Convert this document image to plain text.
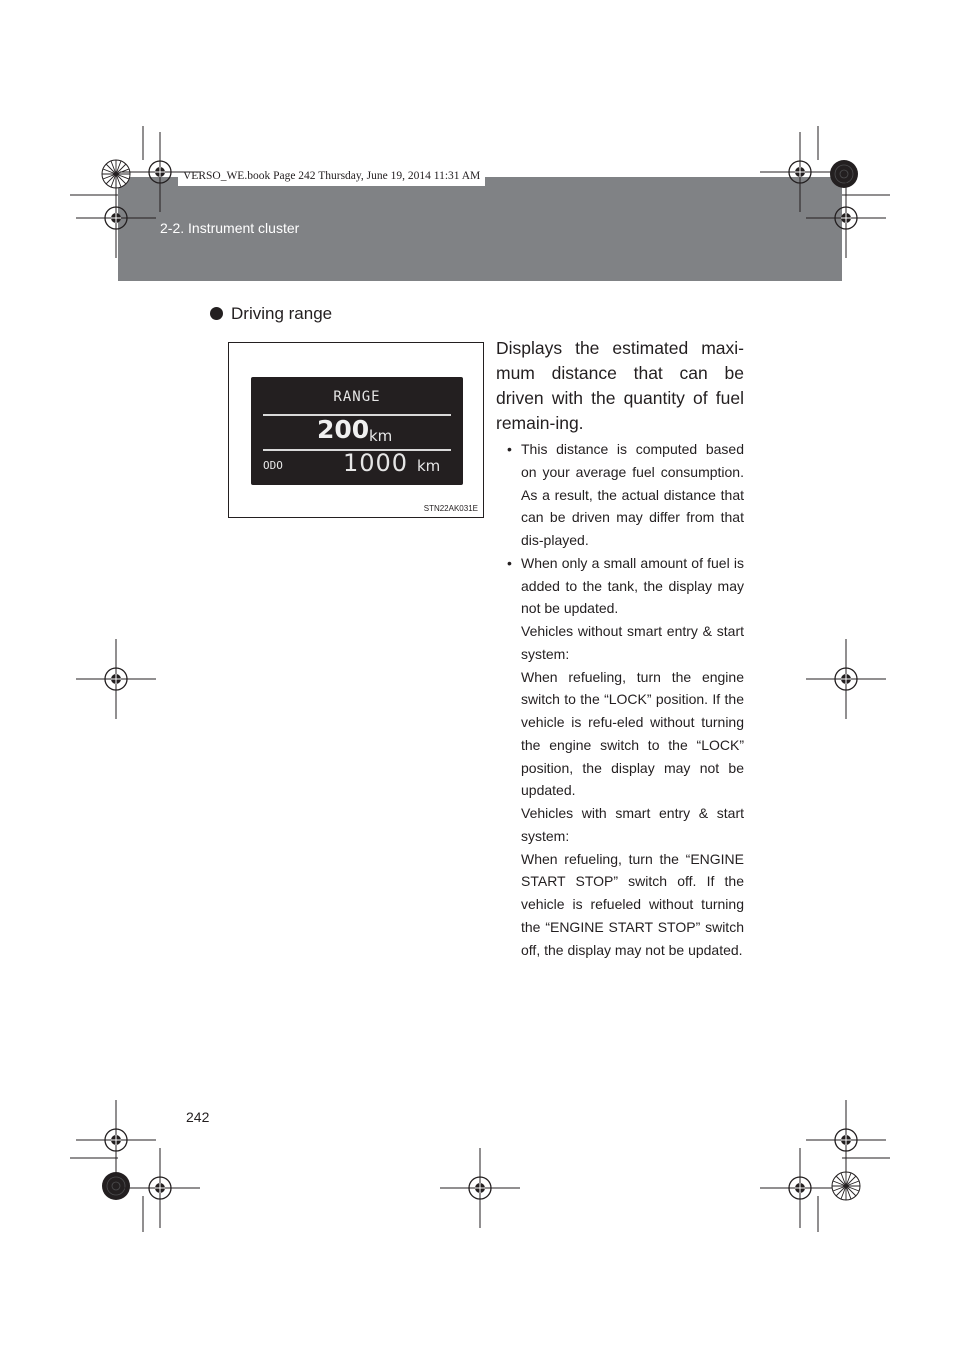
VERSO_WE.book Page 242 Thursday, June 19, 2014 11:31 AM
2-2. Instrument cluster
Driving range
RANGE
200 km
ODO	1000 km
STN22AK031E
Displays the estimated maxi-mum distance that can be driven with the quantity of fuel remain-ing.
• This distance is computed based on your average fuel consumption. As a result, the actual distance that can be driven may differ from that dis-played.
• When only a small amount of fuel is added to the tank, the display may not be updated.
Vehicles without smart entry & start system:
When refueling, turn the engine switch to the “LOCK” position. If the vehicle is refu-eled without turning the engine switch to the “LOCK” position, the display may not be updated.
Vehicles with smart entry & start system:
When refueling, turn the “ENGINE START STOP” switch off. If the vehicle is refueled without turning the “ENGINE START STOP” switch off, the display may not be updated.
242
